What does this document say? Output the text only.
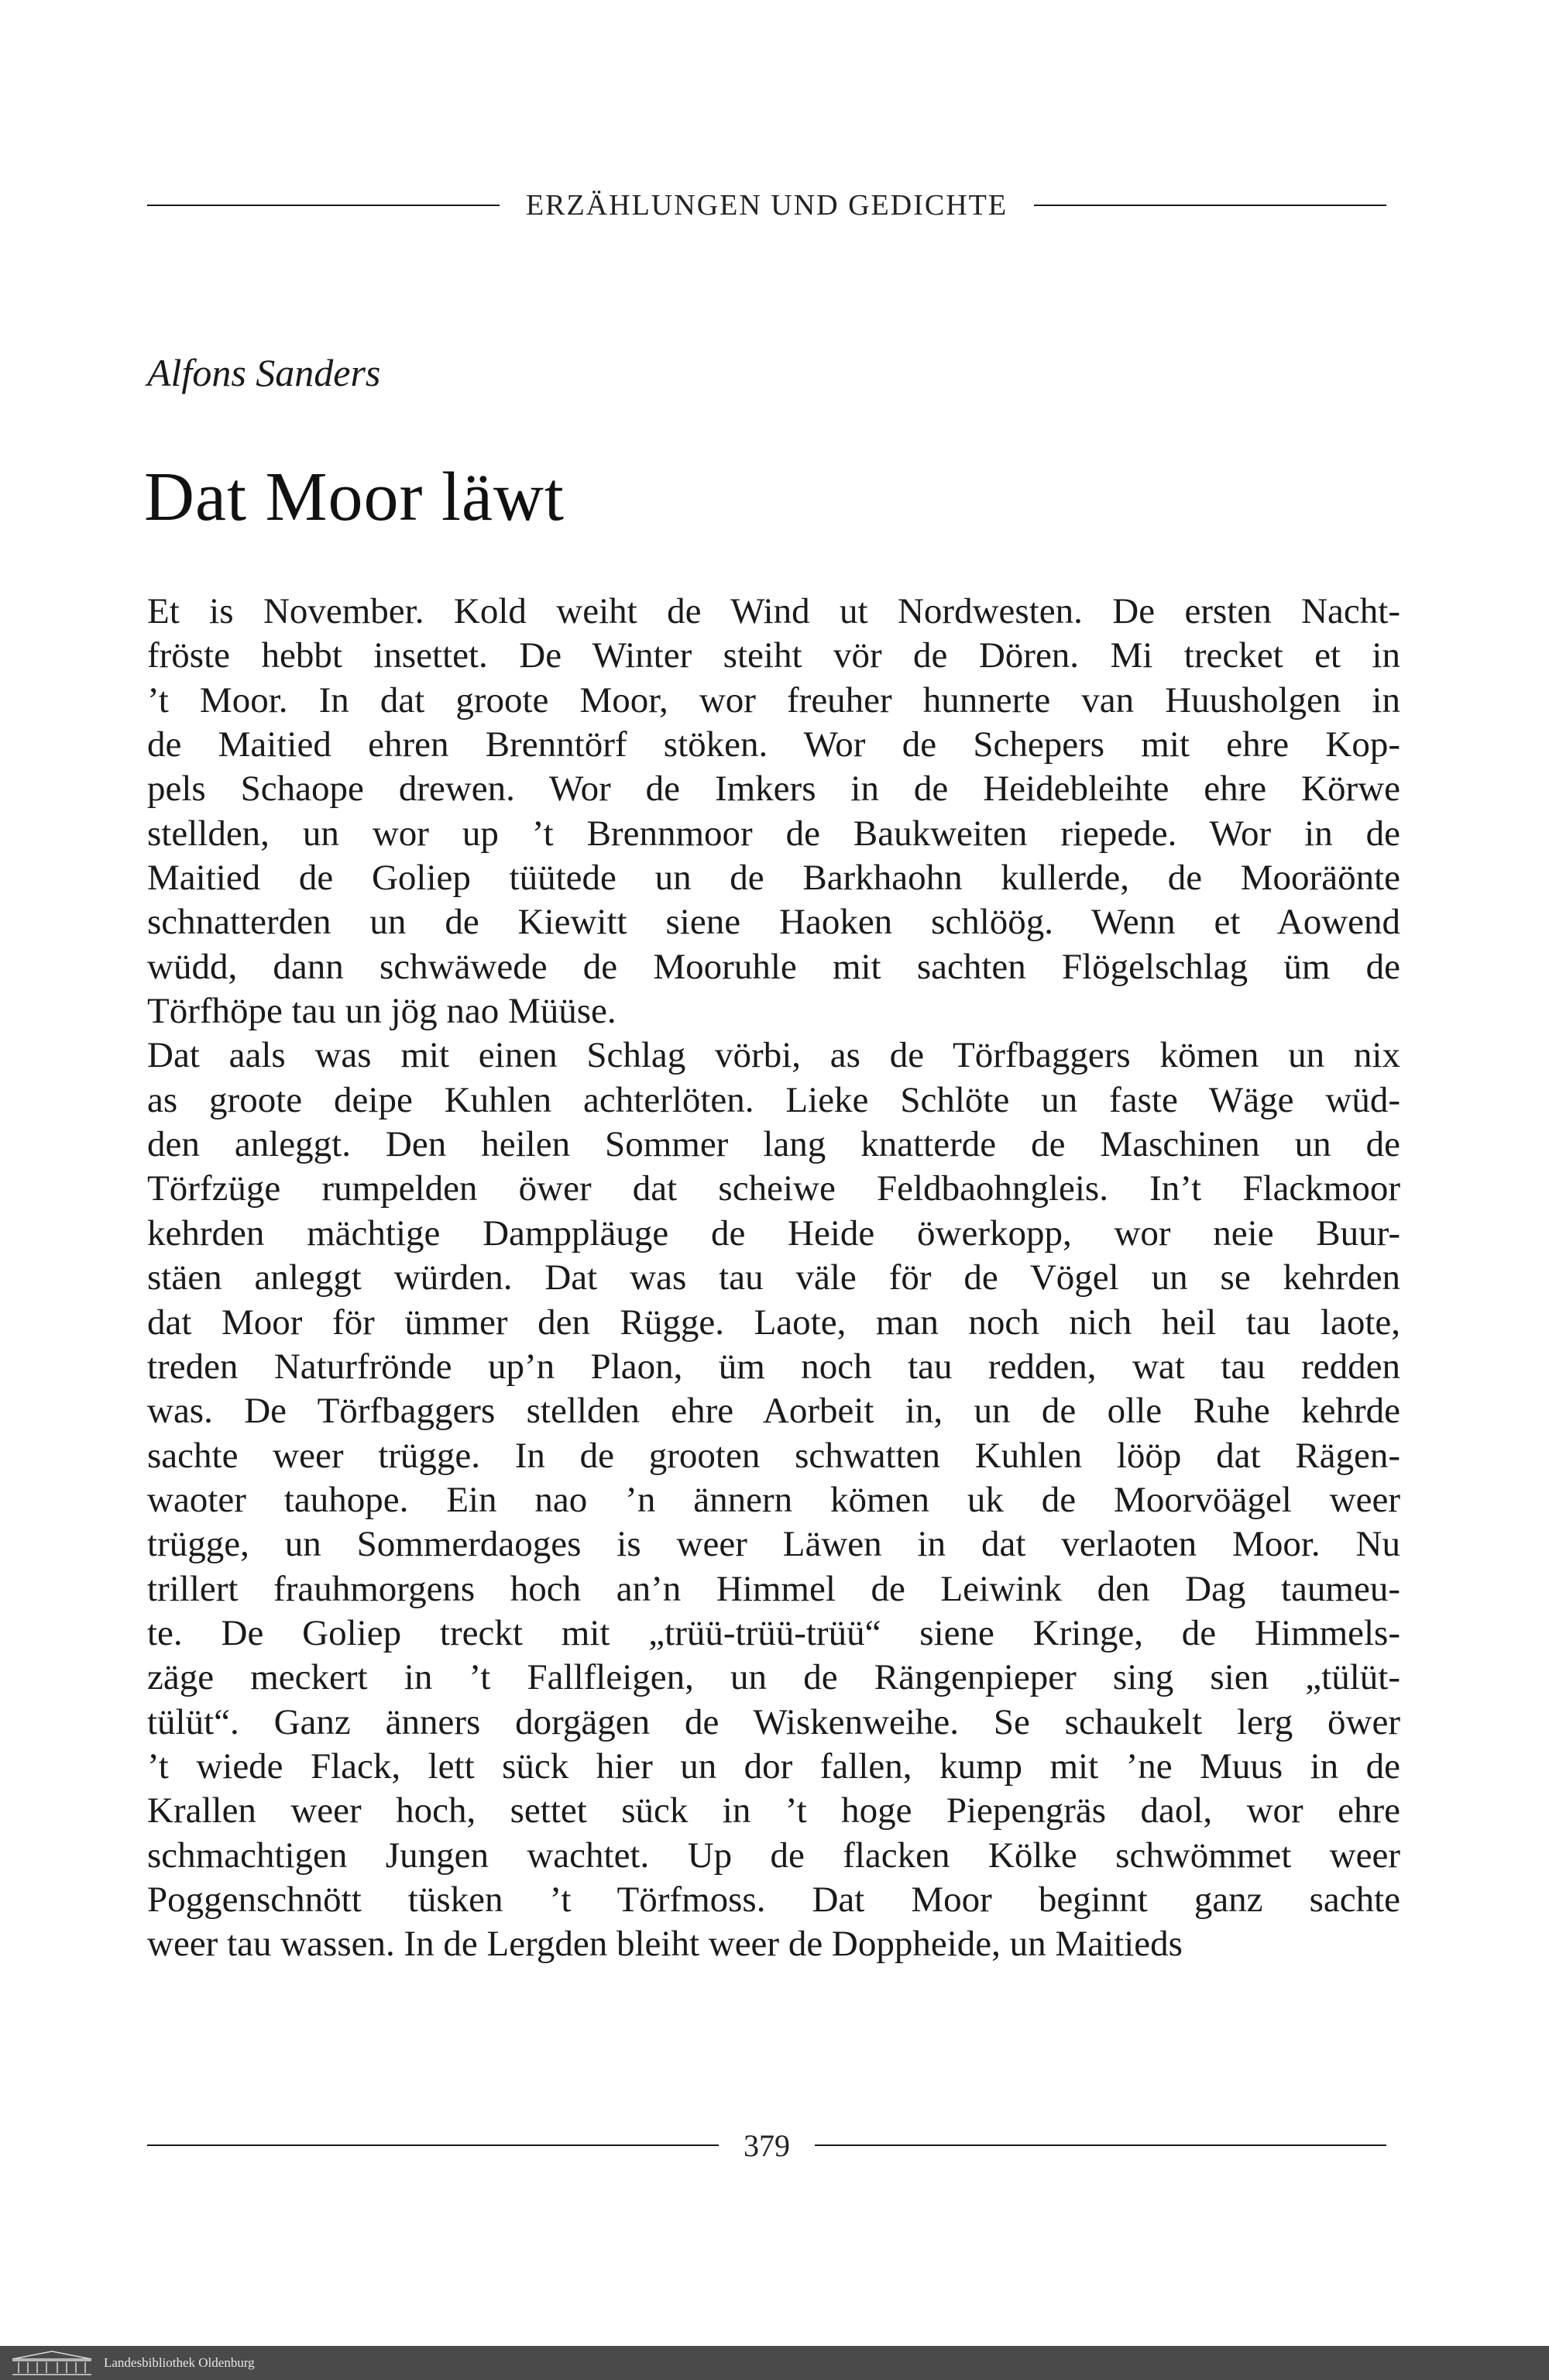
ERZÄHLUNGEN UND GEDICHTE
Alfons Sanders
Dat Moor läwt
Et is November. Kold weiht de Wind ut Nordwesten. De ersten Nacht-
fröste hebbt insettet. De Winter steiht vör de Dören. Mi trecket et in
’t Moor. In dat groote Moor, wor freuher hunnerte van Huusholgen in
de Maitied ehren Brenntörf stöken. Wor de Schepers mit ehre Kop-
pels Schaope drewen. Wor de Imkers in de Heidebleihte ehre Körwe
stellden, un wor up ’t Brennmoor de Baukweiten riepede. Wor in de
Maitied de Goliep tüütede un de Barkhaohn kullerde, de Mooräönte
schnatterden un de Kiewitt siene Haoken schlöög. Wenn et Aowend
wüdd, dann schwäwede de Mooruhle mit sachten Flögelschlag üm de
Törfhöpe tau un jög nao Müüse.
Dat aals was mit einen Schlag vörbi, as de Törfbaggers kömen un nix
as groote deipe Kuhlen achterlöten. Lieke Schlöte un faste Wäge wüd-
den anleggt. Den heilen Sommer lang knatterde de Maschinen un de
Törfzüge rumpelden öwer dat scheiwe Feldbaohngleis. In’t Flackmoor
kehrden mächtige Damppläuge de Heide öwerkopp, wor neie Buur-
stäen anleggt würden. Dat was tau väle för de Vögel un se kehrden
dat Moor för ümmer den Rügge. Laote, man noch nich heil tau laote,
treden Naturfrönde up’n Plaon, üm noch tau redden, wat tau redden
was. De Törfbaggers stellden ehre Aorbeit in, un de olle Ruhe kehrde
sachte weer trügge. In de grooten schwatten Kuhlen lööp dat Rägen-
waoter tauhope. Ein nao ’n ännern kömen uk de Moorvöägel weer
trügge, un Sommerdaoges is weer Läwen in dat verlaoten Moor. Nu
trillert frauhmorgens hoch an’n Himmel de Leiwink den Dag taumeu-
te. De Goliep treckt mit „trüü-trüü-trüü“ siene Kringe, de Himmels-
zäge meckert in ’t Fallfleigen, un de Rängenpieper sing sien „tülüt-
tülüt“. Ganz änners dorgägen de Wiskenweihe. Se schaukelt lerg öwer
’t wiede Flack, lett sück hier un dor fallen, kump mit ’ne Muus in de
Krallen weer hoch, settet sück in ’t hoge Piepengräs daol, wor ehre
schmachtigen Jungen wachtet. Up de flacken Kölke schwömmet weer
Poggenschnött tüsken ’t Törfmoss. Dat Moor beginnt ganz sachte
weer tau wassen. In de Lergden bleiht weer de Doppheide, un Maitieds
379
Landesbibliothek Oldenburg
